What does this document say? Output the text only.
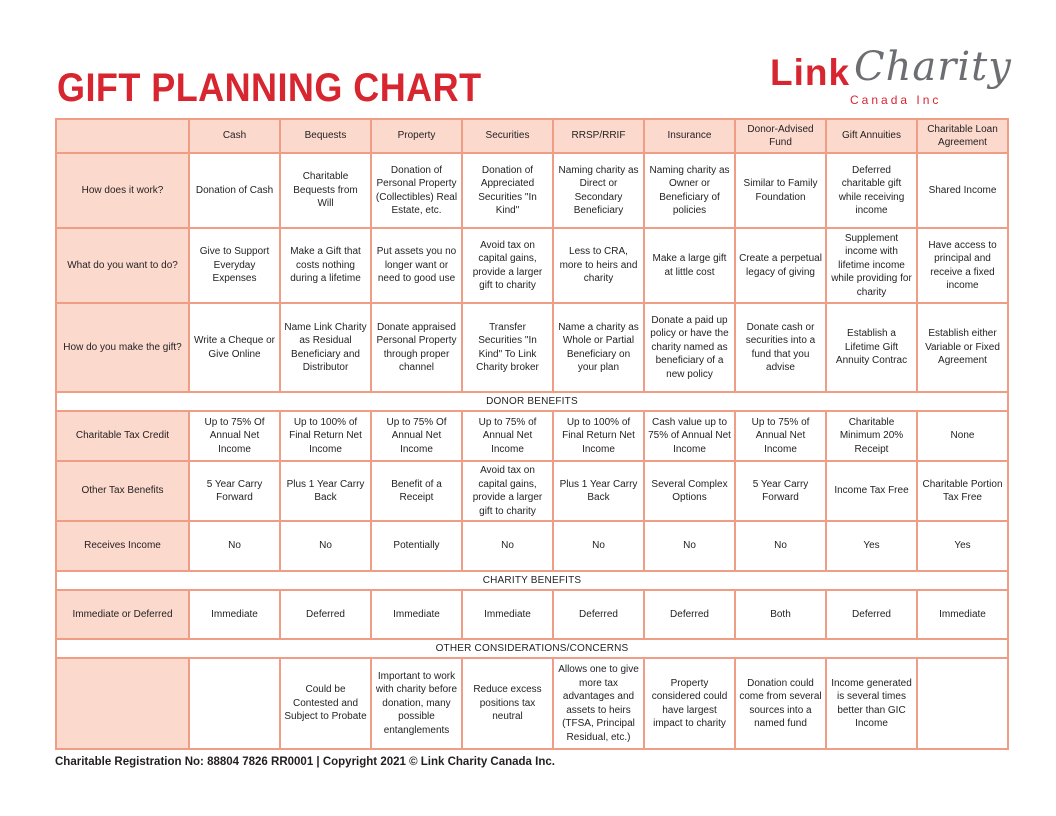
GIFT PLANNING CHART	Link Charity
Canada Inc
	Cash	Bequests	Property	Securities	RRSP/RRIF	Insurance	Donor-Advised Fund	Gift Annuities	Charitable Loan Agreement
How does it work?	Donation of Cash	Charitable Bequests from Will	Donation of Personal Property (Collectibles) Real Estate, etc.	Donation of Appreciated Securities "In Kind"	Naming charity as Direct or Secondary Beneficiary	Naming charity as Owner or Beneficiary of policies	Similar to Family Foundation	Deferred charitable gift while receiving income	Shared Income
What do you want to do?	Give to Support Everyday Expenses	Make a Gift that costs nothing during a lifetime	Put assets you no longer want or need to good use	Avoid tax on capital gains, provide a larger gift to charity	Less to CRA, more to heirs and charity	Make a large gift at little cost	Create a perpetual legacy of giving	Supplement income with lifetime income while providing for charity	Have access to principal and receive a fixed income
How do you make the gift?	Write a Cheque or Give Online	Name Link Charity as Residual Beneficiary and Distributor	Donate appraised Personal Property through proper channel	Transfer Securities "In Kind" To Link Charity broker	Name a charity as Whole or Partial Beneficiary on your plan	Donate a paid up policy or have the charity named as beneficiary of a new policy	Donate cash or securities into a fund that you advise	Establish a Lifetime Gift Annuity Contrac	Establish either Variable or Fixed Agreement
DONOR BENEFITS									
Charitable Tax Credit	Up to 75% Of Annual Net Income	Up to 100% of Final Return Net Income	Up to 75% Of Annual Net Income	Up to 75% of Annual Net Income	Up to 100% of Final Return Net Income	Cash value up to 75% of Annual Net Income	Up to 75% of Annual Net Income	Charitable Minimum 20% Receipt	None
Other Tax Benefits	5 Year Carry Forward	Plus 1 Year Carry Back	Benefit of a Receipt	Avoid tax on capital gains, provide a larger gift to charity	Plus 1 Year Carry Back	Several Complex Options	5 Year Carry Forward	Income Tax Free	Charitable Portion Tax Free
Receives Income	No	No	Potentially	No	No	No	No	Yes	Yes
CHARITY BENEFITS									
Immediate or Deferred	Immediate	Deferred	Immediate	Immediate	Deferred	Deferred	Both	Deferred	Immediate
OTHER CONSIDERATIONS/CONCERNS									
		Could be Contested and Subject to Probate	Important to work with charity before donation, many possible entanglements	Reduce excess positions tax neutral	Allows one to give more tax advantages and assets to heirs (TFSA, Principal Residual, etc.)	Property considered could have largest impact to charity	Donation could come from several sources into a named fund	Income generated is several times better than GIC Income	
Charitable Registration No: 88804 7826 RR0001 | Copyright 2021 © Link Charity Canada Inc.
